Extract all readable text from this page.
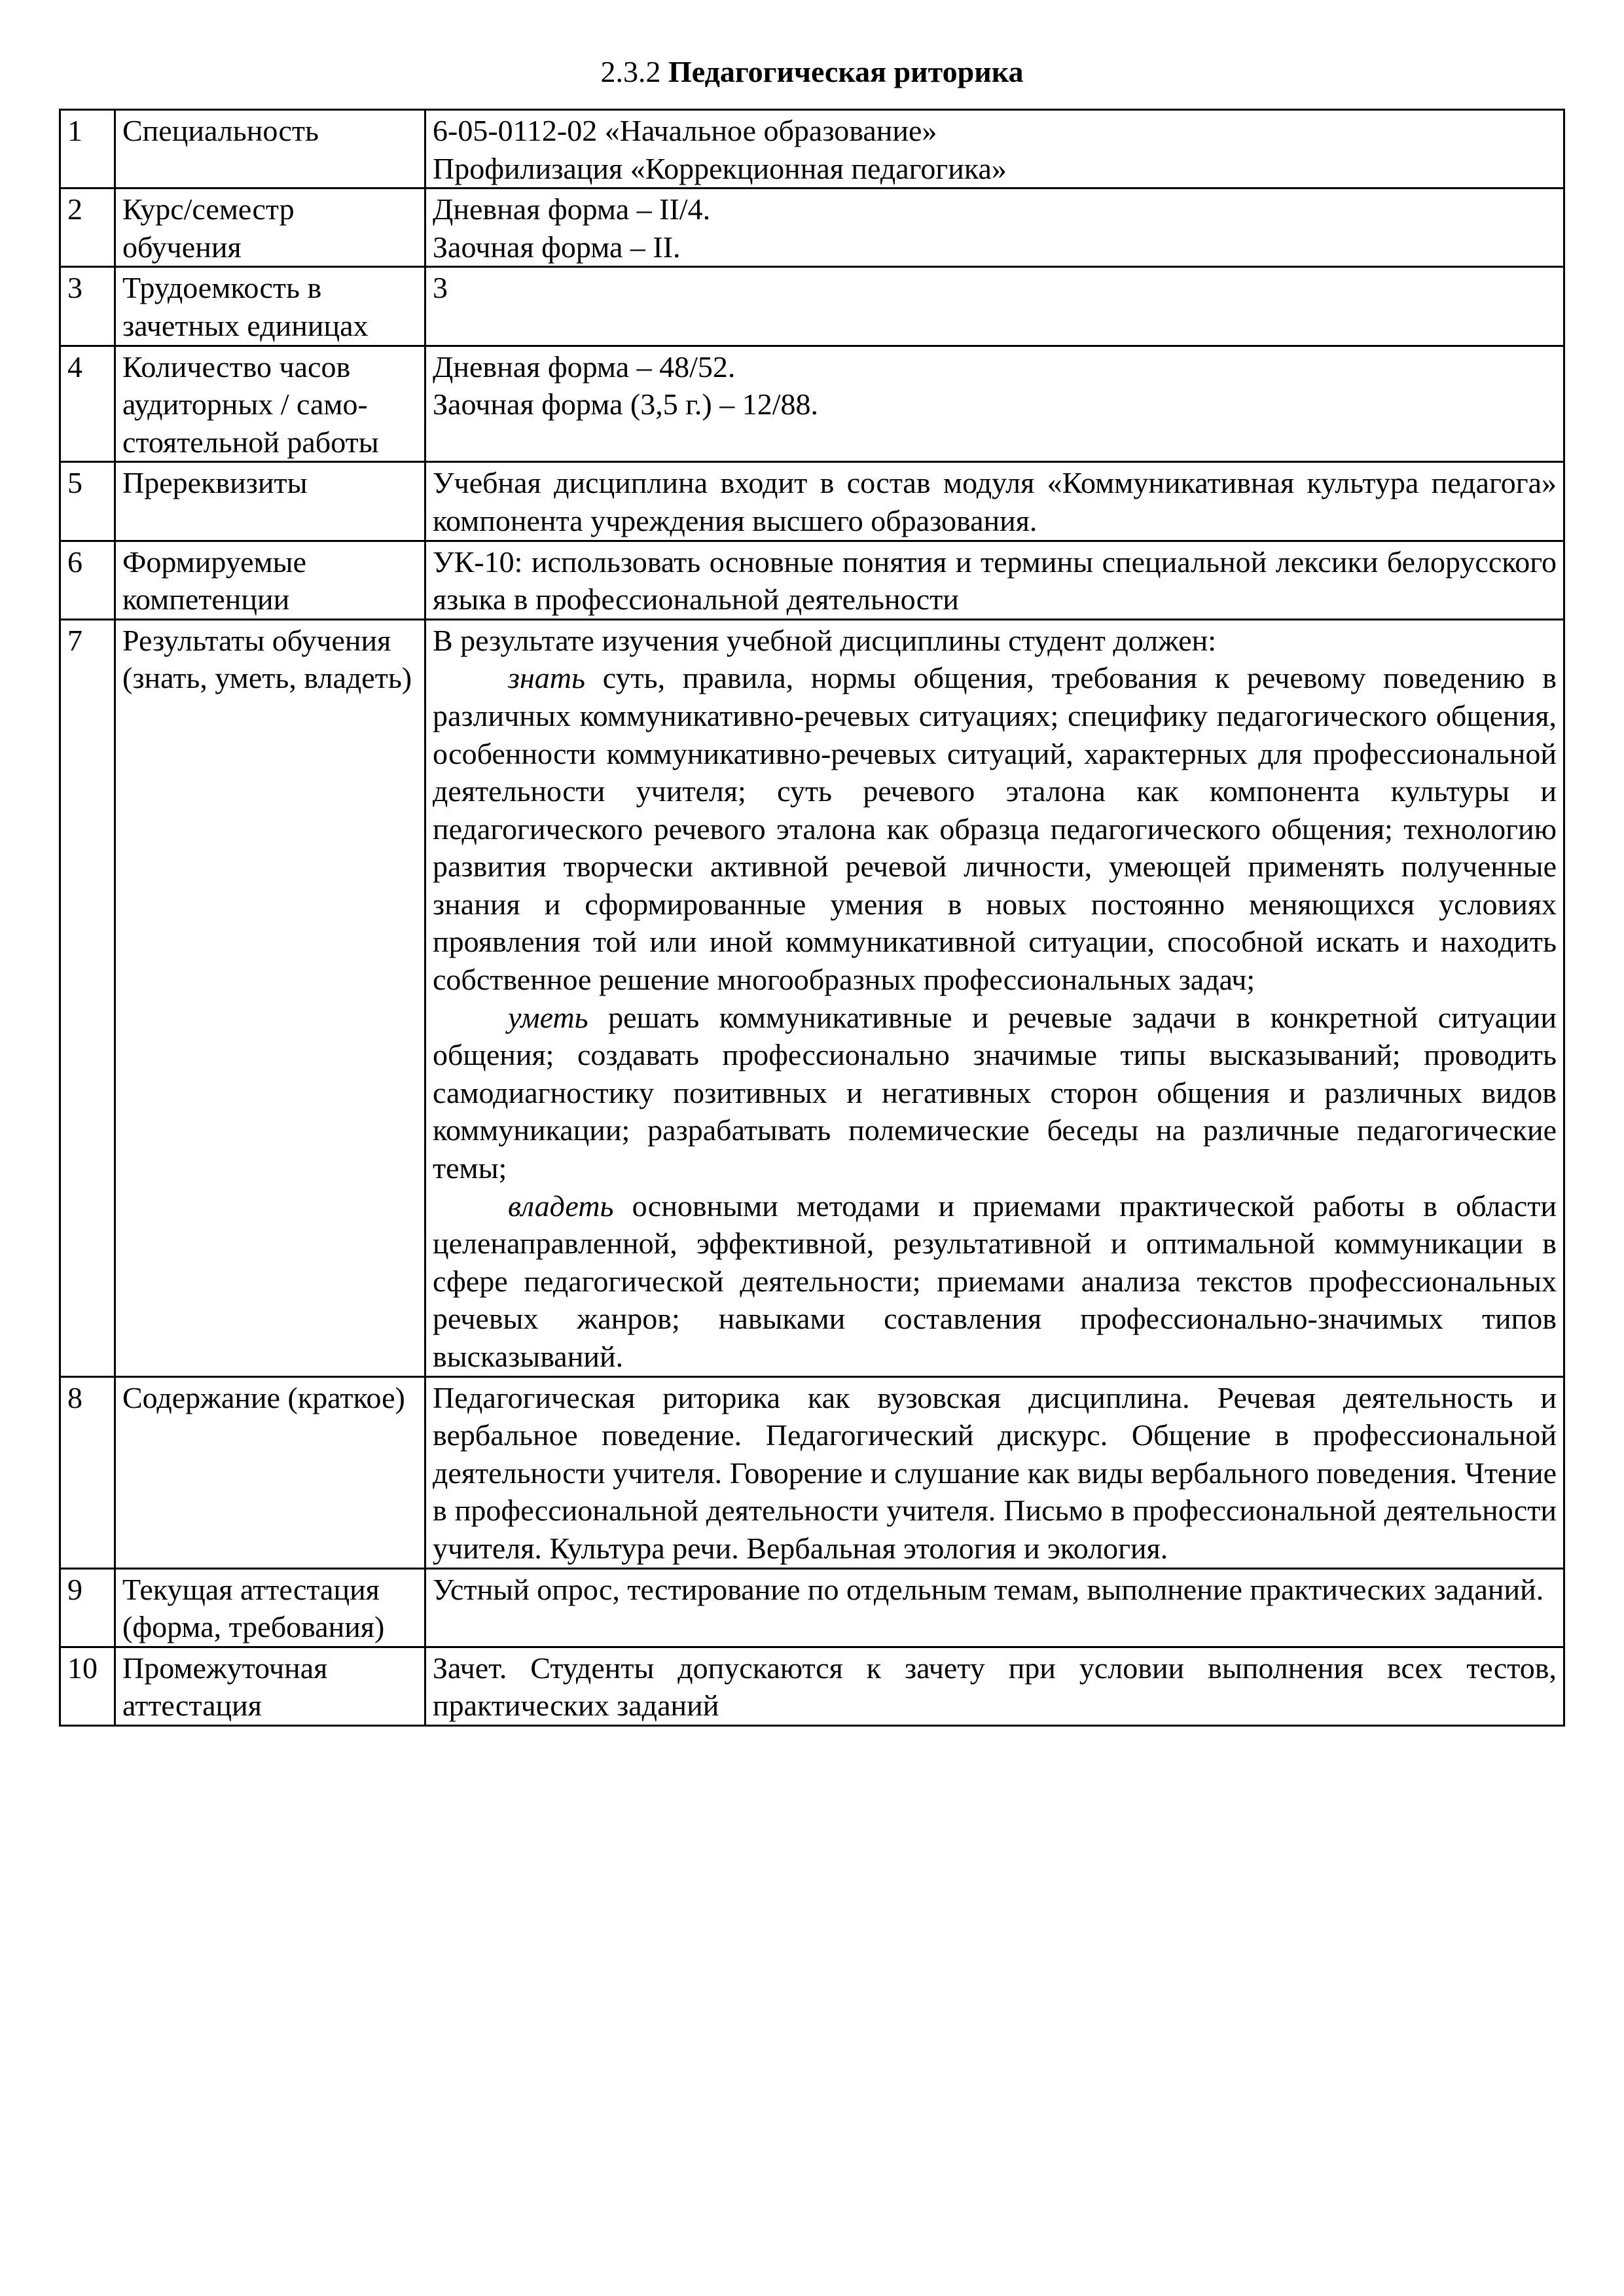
2.3.2 Педагогическая риторика
1	Специальность	6-05-0112-02 «Начальное образование»
Профилизация «Коррекционная педагогика»

2	Курс/семестр обучения	Дневная форма – II/4.
Заочная форма – II.

3	Трудоемкость в зачетных единицах	3

4	Количество часов аудиторных / само-стоятельной работы	Дневная форма – 48/52.
Заочная форма (3,5 г.) – 12/88.

5	Пререквизиты	Учебная дисциплина входит в состав модуля «Коммуникативная культура педагога» компонента учреждения высшего образования.
6	Формируемые компетенции	УК-10: использовать основные понятия и термины специальной лексики белорусского языка в профессиональной деятельности
7	Результаты обучения (знать, уметь, владеть)	В результате изучения учебной дисциплины студент должен:
знать суть, правила, нормы общения, требования к речевому поведению в различных коммуникативно-речевых ситуациях; специфику педагогического общения, особенности коммуникативно-речевых ситуаций, характерных для профессиональной деятельности учителя; суть речевого эталона как компонента культуры и педагогического речевого эталона как образца педагогического общения; технологию развития творчески активной речевой личности, умеющей применять полученные знания и сформированные умения в новых постоянно меняющихся условиях проявления той или иной коммуникативной ситуации, способной искать и находить собственное решение многообразных профессиональных задач;
уметь решать коммуникативные и речевые задачи в конкретной ситуации общения; создавать профессионально значимые типы высказываний; проводить самодиагностику позитивных и негативных сторон общения и различных видов коммуникации; разрабатывать полемические беседы на различные педагогические темы;
владеть основными методами и приемами практической работы в области целенаправленной, эффективной, результативной и оптимальной коммуникации в сфере педагогической деятельности; приемами анализа текстов профессиональных речевых жанров; навыками составления профессионально-значимых типов высказываний.

8	Содержание (краткое)	Педагогическая риторика как вузовская дисциплина. Речевая деятельность и вербальное поведение. Педагогический дискурс. Общение в профессиональной деятельности учителя. Говорение и слушание как виды вербального поведения. Чтение в профессиональной деятельности учителя. Письмо в профессиональной деятельности учителя. Культура речи. Вербальная этология и экология.
9	Текущая аттестация (форма, требования)	Устный опрос, тестирование по отдельным темам, выполнение практических заданий.
10	Промежуточная аттестация	Зачет. Студенты допускаются к зачету при условии выполнения всех тестов, практических заданий
